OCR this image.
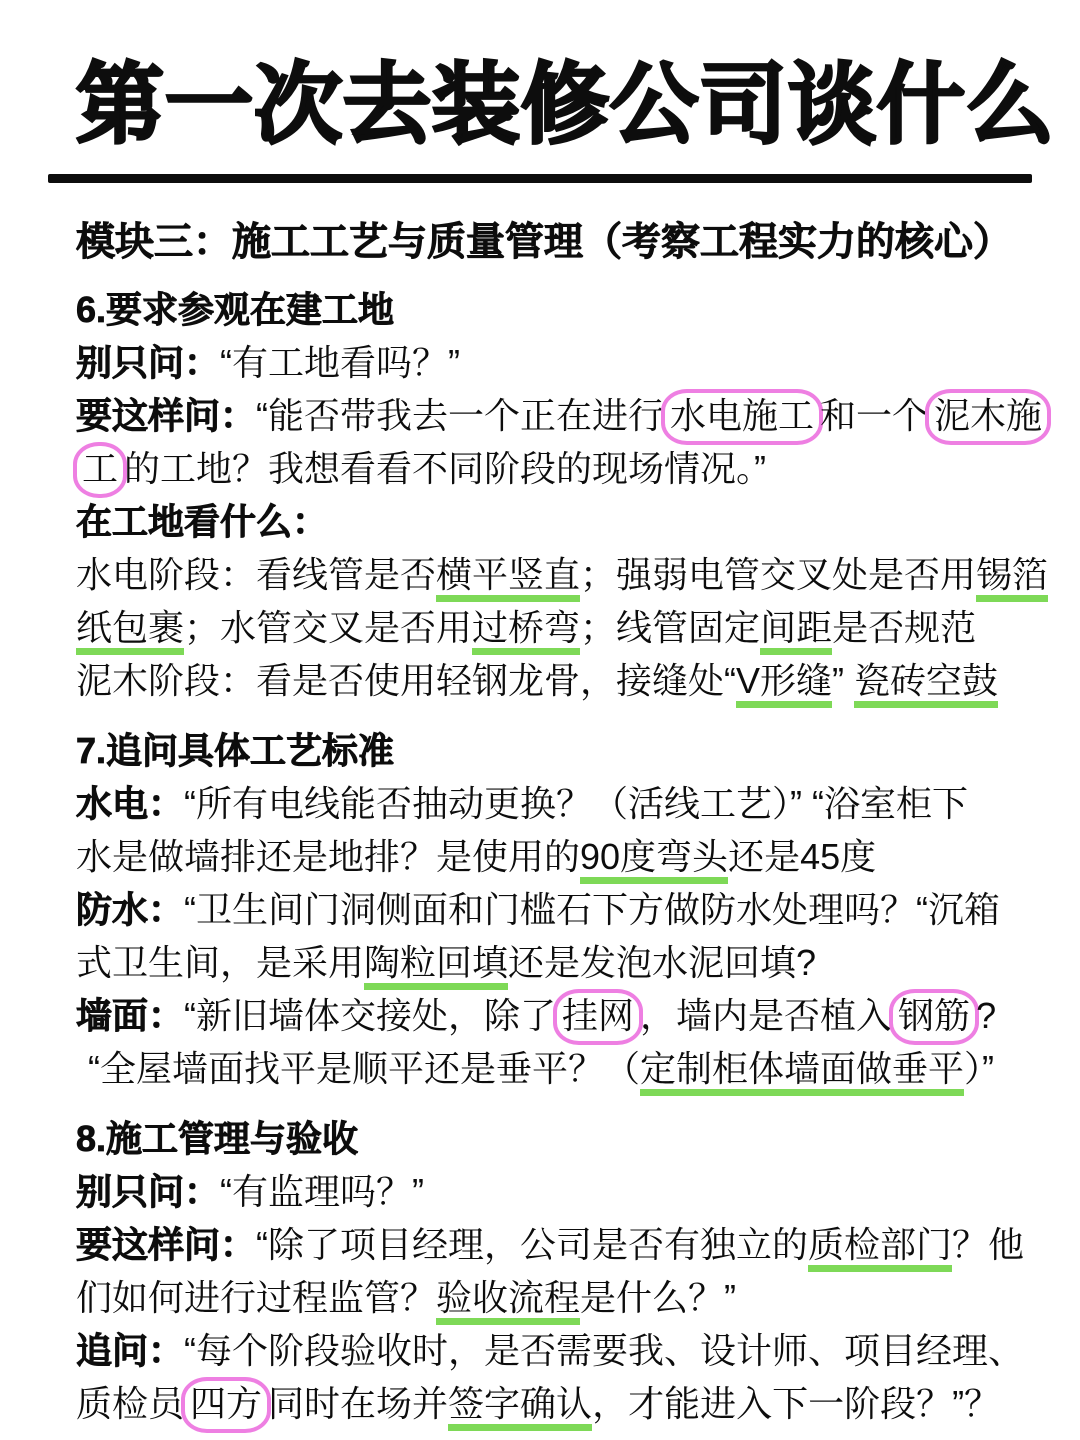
第一次去装修公司谈什么
模块三：施工工艺与质量管理（考察工程实力的核心）
6.要求参观在建工地
别只问：“有工地看吗？”
要这样问：“能否带我去一个正在进行 水电施工 和一个 泥木施
工 的工地？我想看看不同阶段的现场情况。”
在工地看什么：
水电阶段：看线管是否横平竖直；强弱电管交叉处是否用锡箔
纸包裹；水管交叉是否用过桥弯；线管固定间距是否规范
泥木阶段：看是否使用轻钢龙骨，接缝处“V形缝” 瓷砖空鼓
7.追问具体工艺标准
水电：“所有电线能否抽动更换？（活线工艺）” “浴室柜下
水是做墙排还是地排？是使用的90度弯头还是45度
防水：“卫生间门洞侧面和门槛石下方做防水处理吗？“沉箱
式卫生间，是采用陶粒回填还是发泡水泥回填?
墙面：“新旧墙体交接处，除了 挂网 ，墙内是否植入 钢筋 ?
“全屋墙面找平是顺平还是垂平？（定制柜体墙面做垂平）”
8.施工管理与验收
别只问：“有监理吗？”
要这样问：“除了项目经理，公司是否有独立的质检部门？他
们如何进行过程监管？验收流程是什么？”
追问：“每个阶段验收时，是否需要我、设计师、项目经理、
质检员 四方 同时在场并签字确认，才能进入下一阶段？”？
